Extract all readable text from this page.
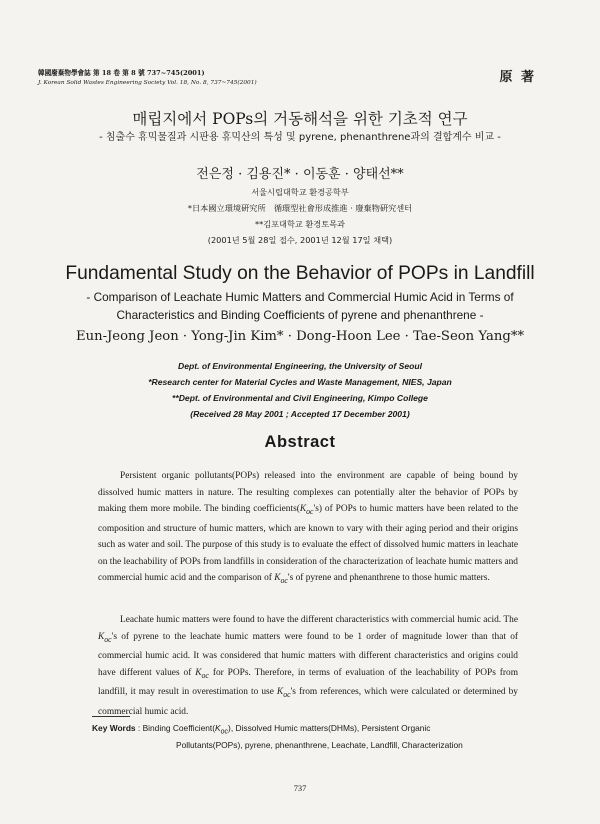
韓國廢棄物學會誌 第 18 卷 第 8 號 737~745(2001)
J. Korean Solid Wastes Engineering Society Vol. 18, No. 8, 737~745(2001)	原 著
매립지에서 POPs의 거동해석을 위한 기초적 연구
- 침출수 휴믹물질과 시판용 휴믹산의 특성 및 pyrene, phenanthrene과의 결합계수 비교 -
전은정 · 김용진* · 이동훈 · 양태선**
서울시립대학교 환경공학부
*日本國立環境硏究所　循環型社會形成推進 · 廢棄物硏究센터
**김포대학교 환경토목과
(2001년 5월 28일 접수, 2001년 12월 17일 채택)
Fundamental Study on the Behavior of POPs in Landfill
- Comparison of Leachate Humic Matters and Commercial Humic Acid in Terms of
Characteristics and Binding Coefficients of pyrene and phenanthrene -
Eun-Jeong Jeon · Yong-Jin Kim* · Dong-Hoon Lee · Tae-Seon Yang**
Dept. of Environmental Engineering, the University of Seoul
*Research center for Material Cycles and Waste Management, NIES, Japan
**Dept. of Environmental and Civil Engineering, Kimpo College
(Received 28 May 2001 ; Accepted 17 December 2001)
Abstract

Persistent organic pollutants(POPs) released into the environment are capable of being bound by dissolved humic matters in nature. The resulting complexes can potentially alter the behavior of POPs by making them more mobile. The binding $coefficients(K_{oc}'s)$ of POPs to humic matters have been related to the composition and structure of humic matters, which are known to vary with their aging period and their origins such as water and soil. The purpose of this study is to evaluate the effect of dissolved humic matters in leachate on the leachability of POPs from landfills in consideration of the characterization of leachate humic matters and commercial humic acid and the comparison of $K_{oc}'s$ of pyrene and phenanthrene to those humic matters.

Leachate humic matters were found to have the different characteristics with commercial humic acid. The $K_{oc}'s$ of pyrene to the leachate humic matters were found to be 1 order of magnitude lower than that of commercial humic acid. It was considered that humic matters with different characteristics and origins could have different values of $K_{oc}$ for POPs. Therefore, in terms of evaluation of the leachability of POPs from landfill, it may result in overestimation to use $K_{oc}'s$ from references, which were calculated or determined by commercial humic acid.

Key Words : Binding $Coefficient(K_{oc})$, Dissolved Humic matters(DHMs), Persistent Organic
Pollutants(POPs), pyrene, phenanthrene, Leachate, Landfill, Characterization
737
